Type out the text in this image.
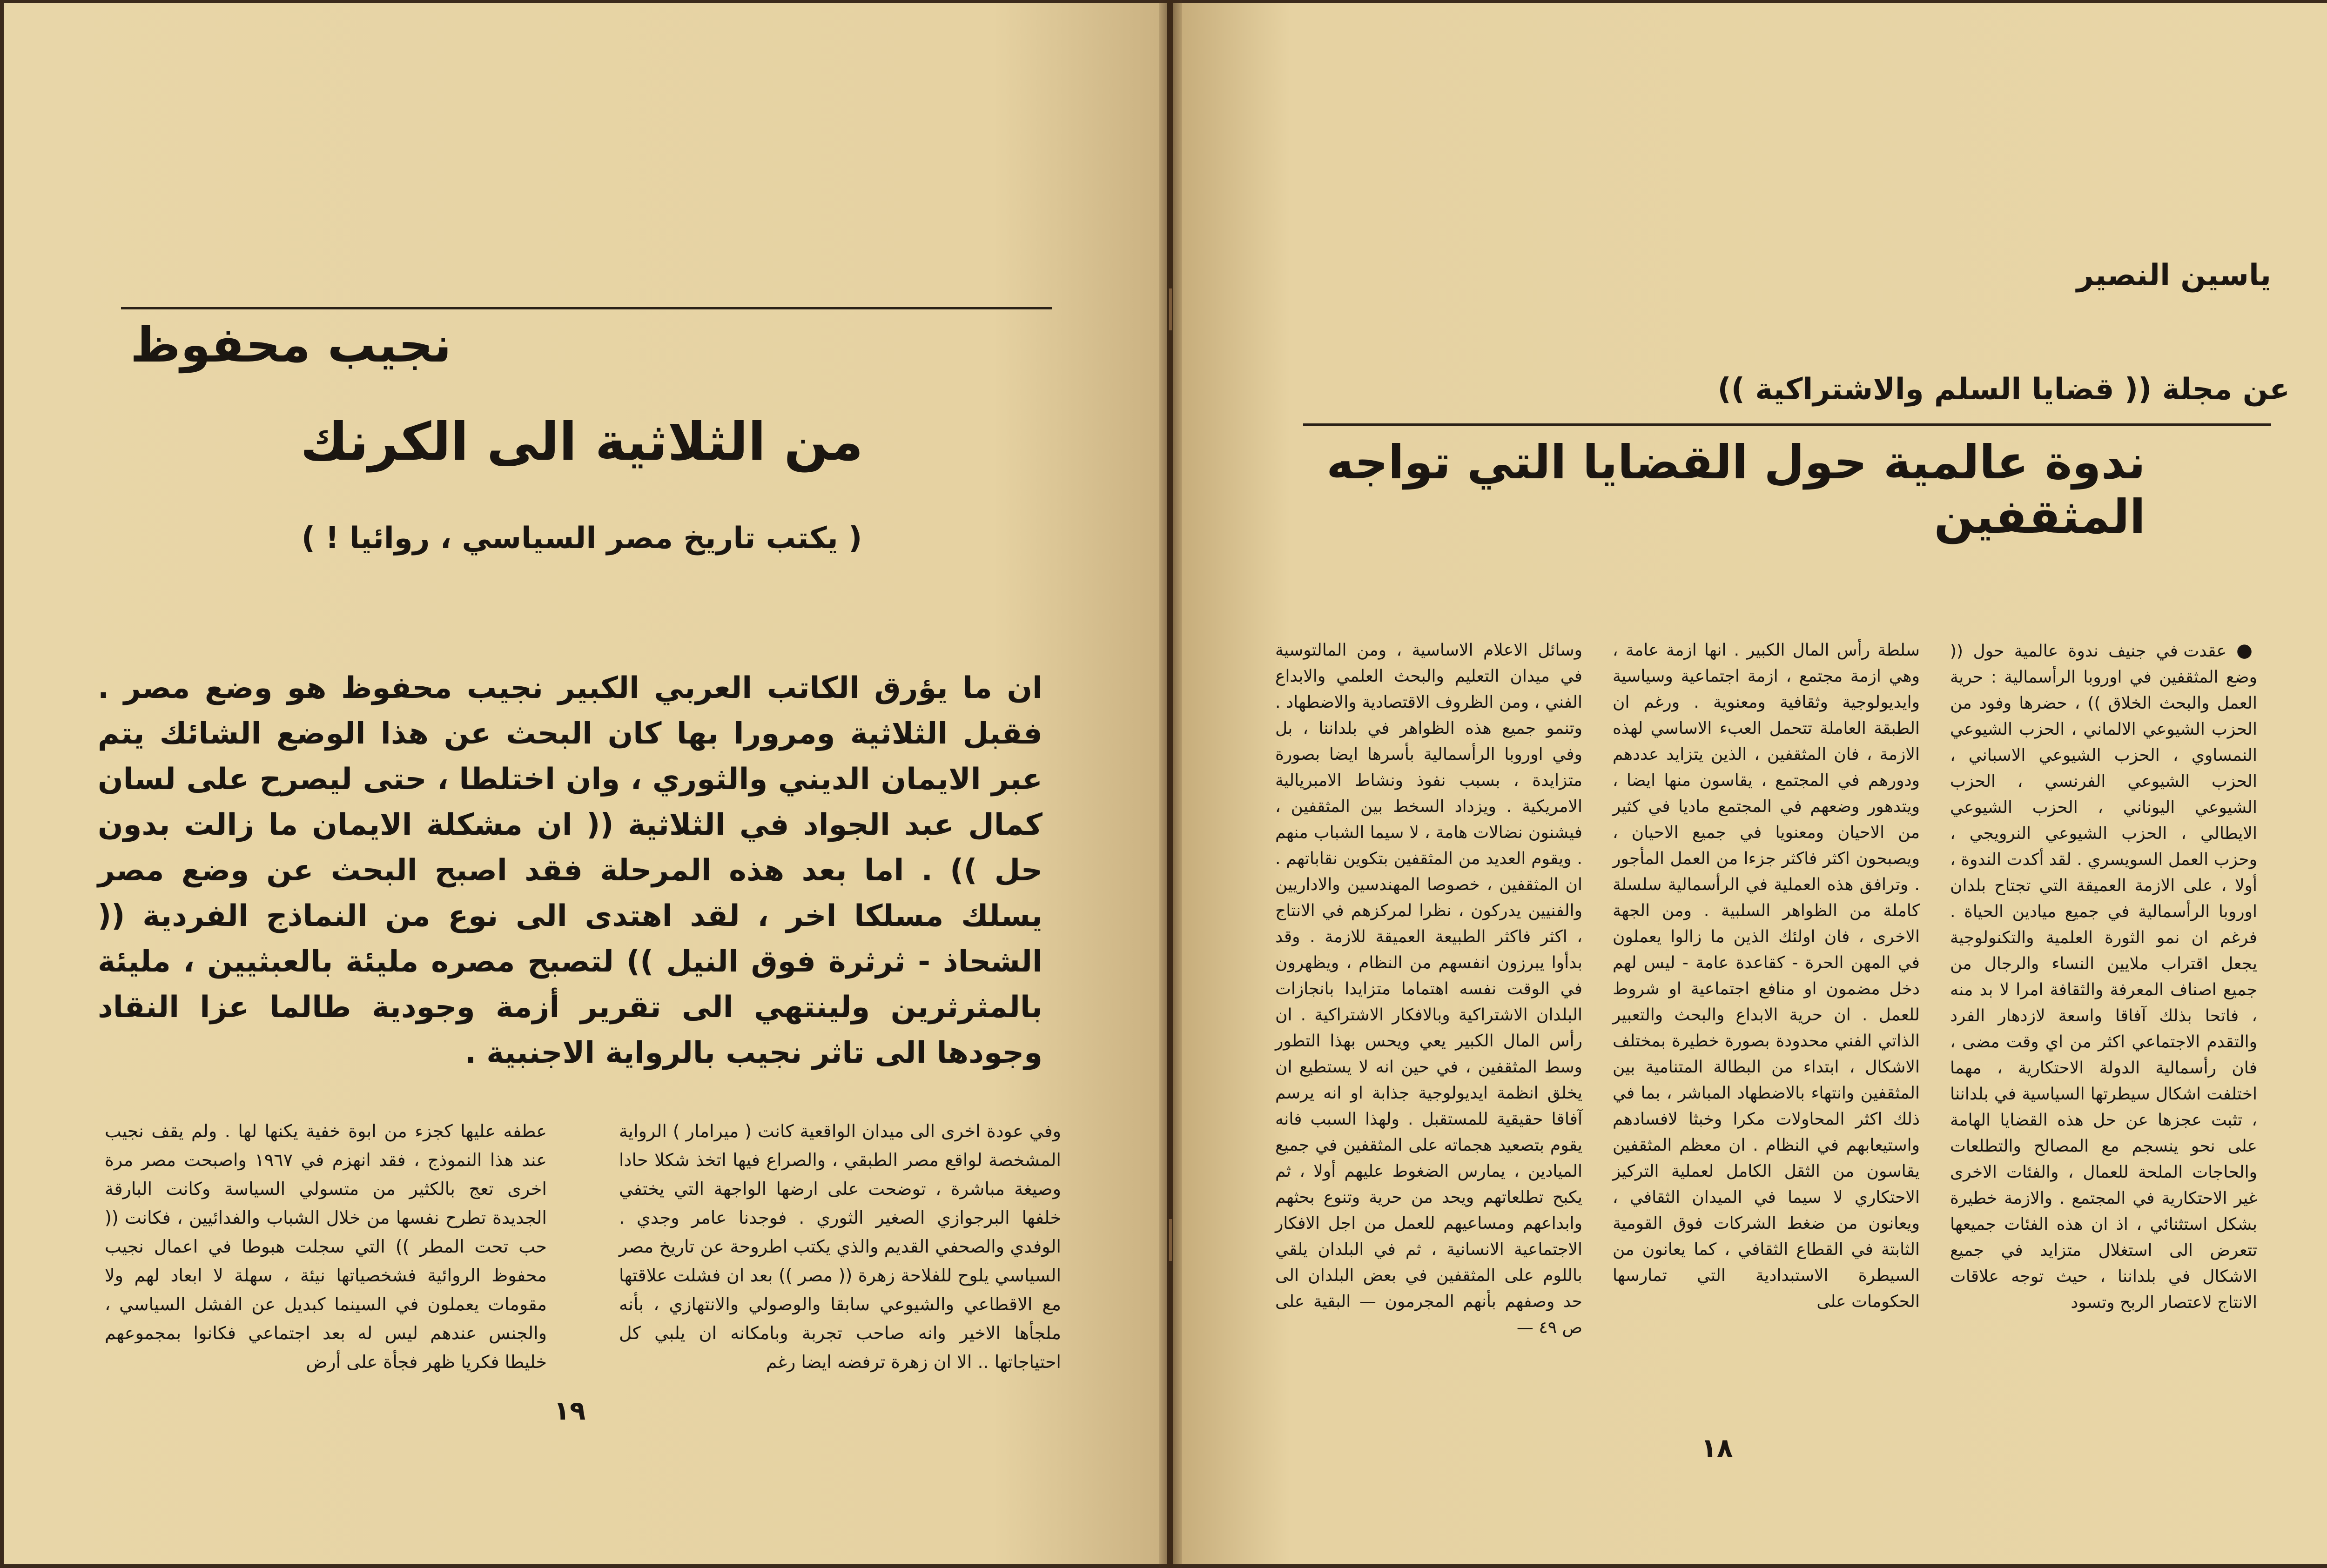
ياسين النصير
نجيب محفوظ
من الثلاثية الى الكرنك
( يكتب تاريخ مصر السياسي ، روائيا ! )
ان ما يؤرق الكاتب العربي الكبير نجيب محفوظ هو وضع مصر . فقبل الثلاثية ومرورا بها كان البحث عن هذا الوضع الشائك يتم عبر الايمان الديني والثوري ، وان اختلطا ، حتى ليصرح على لسان كمال عبد الجواد في الثلاثية (( ان مشكلة الايمان ما زالت بدون حل )) . اما بعد هذه المرحلة فقد اصبح البحث عن وضع مصر يسلك مسلكا اخر ، لقد اهتدى الى نوع من النماذج الفردية (( الشحاذ - ثرثرة فوق النيل )) لتصبح مصره مليئة بالعبثيين ، مليئة بالمثرثرين ولينتهي الى تقرير أزمة وجودية طالما عزا النقاد وجودها الى تاثر نجيب بالرواية الاجنبية .
وفي عودة اخرى الى ميدان الواقعية كانت ( ميرامار ) الرواية المشخصة لواقع مصر الطبقي ، والصراع فيها اتخذ شكلا حادا وصيغة مباشرة ، توضحت على ارضها الواجهة التي يختفي خلفها البرجوازي الصغير الثوري . فوجدنا عامر وجدي . الوفدي والصحفي القديم والذي يكتب اطروحة عن تاريخ مصر السياسي يلوح للفلاحة زهرة (( مصر )) بعد ان فشلت علاقتها مع الاقطاعي والشيوعي سابقا والوصولي والانتهازي ، بأنه ملجأها الاخير وانه صاحب تجربة وبامكانه ان يلبي كل احتياجاتها .. الا ان زهرة ترفضه ايضا رغم
عطفه عليها كجزء من ابوة خفية يكنها لها . ولم يقف نجيب عند هذا النموذج ، فقد انهزم في ١٩٦٧ واصبحت مصر مرة اخرى تعج بالكثير من متسولي السياسة وكانت البارقة الجديدة تطرح نفسها من خلال الشباب والفدائيين ، فكانت (( حب تحت المطر )) التي سجلت هبوطا في اعمال نجيب محفوظ الروائية فشخصياتها نيئة ، سهلة لا ابعاد لهم ولا مقومات يعملون في السينما كبديل عن الفشل السياسي ، والجنس عندهم ليس له بعد اجتماعي فكانوا بمجموعهم خليطا فكريا ظهر فجأة على أرض
١٩
عن مجلة (( قضايا السلم والاشتراكية ))
ندوة عالمية حول القضايا التي تواجه المثقفين
● عقدت في جنيف ندوة عالمية حول (( وضع المثقفين في اوروبا الرأسمالية : حرية العمل والبحث الخلاق )) ، حضرها وفود من الحزب الشيوعي الالماني ، الحزب الشيوعي النمساوي ، الحزب الشيوعي الاسباني ، الحزب الشيوعي الفرنسي ، الحزب الشيوعي اليوناني ، الحزب الشيوعي الايطالي ، الحزب الشيوعي النرويجي ، وحزب العمل السويسري . لقد أكدت الندوة ، أولا ، على الازمة العميقة التي تجتاح بلدان اوروبا الرأسمالية في جميع ميادين الحياة . فرغم ان نمو الثورة العلمية والتكنولوجية يجعل اقتراب ملايين النساء والرجال من جميع اصناف المعرفة والثقافة امرا لا بد منه ، فاتحا بذلك آفاقا واسعة لازدهار الفرد والتقدم الاجتماعي اكثر من اي وقت مضى ، فان رأسمالية الدولة الاحتكارية ، مهما اختلفت اشكال سيطرتها السياسية في بلداننا ، تثبت عجزها عن حل هذه القضايا الهامة على نحو ينسجم مع المصالح والتطلعات والحاجات الملحة للعمال ، والفئات الاخرى غير الاحتكارية في المجتمع . والازمة خطيرة بشكل استثنائي ، اذ ان هذه الفئات جميعها تتعرض الى استغلال متزايد في جميع الاشكال في بلداننا ، حيث توجه علاقات الانتاج لاعتصار الربح وتسود
سلطة رأس المال الكبير . انها ازمة عامة ، وهي ازمة مجتمع ، ازمة اجتماعية وسياسية وايديولوجية وثقافية ومعنوية . ورغم ان الطبقة العاملة تتحمل العبء الاساسي لهذه الازمة ، فان المثقفين ، الذين يتزايد عددهم ودورهم في المجتمع ، يقاسون منها ايضا ، ويتدهور وضعهم في المجتمع ماديا في كثير من الاحيان ومعنويا في جميع الاحيان ، ويصبحون اكثر فاكثر جزءا من العمل المأجور . وترافق هذه العملية في الرأسمالية سلسلة كاملة من الظواهر السلبية . ومن الجهة الاخرى ، فان اولئك الذين ما زالوا يعملون في المهن الحرة - كقاعدة عامة - ليس لهم دخل مضمون او منافع اجتماعية او شروط للعمل . ان حرية الابداع والبحث والتعبير الذاتي الفني محدودة بصورة خطيرة بمختلف الاشكال ، ابتداء من البطالة المتنامية بين المثقفين وانتهاء بالاضطهاد المباشر ، بما في ذلك اكثر المحاولات مكرا وخبثا لافسادهم واستيعابهم في النظام . ان معظم المثقفين يقاسون من الثقل الكامل لعملية التركيز الاحتكاري لا سيما في الميدان الثقافي ، ويعانون من ضغط الشركات فوق القومية الثابتة في القطاع الثقافي ، كما يعانون من السيطرة الاستبدادية التي تمارسها الحكومات على
وسائل الاعلام الاساسية ، ومن المالتوسية في ميدان التعليم والبحث العلمي والابداع الفني ، ومن الظروف الاقتصادية والاضطهاد . وتنمو جميع هذه الظواهر في بلداننا ، بل وفي اوروبا الرأسمالية بأسرها ايضا بصورة متزايدة ، بسبب نفوذ ونشاط الامبريالية الامريكية . ويزداد السخط بين المثقفين ، فيشنون نضالات هامة ، لا سيما الشباب منهم . ويقوم العديد من المثقفين بتكوين نقاباتهم . ان المثقفين ، خصوصا المهندسين والاداريين والفنيين يدركون ، نظرا لمركزهم في الانتاج ، اكثر فاكثر الطبيعة العميقة للازمة . وقد بدأوا يبرزون انفسهم من النظام ، ويظهرون في الوقت نفسه اهتماما متزايدا بانجازات البلدان الاشتراكية وبالافكار الاشتراكية . ان رأس المال الكبير يعي ويحس بهذا التطور وسط المثقفين ، في حين انه لا يستطيع ان يخلق انظمة ايديولوجية جذابة او انه يرسم آفاقا حقيقية للمستقبل . ولهذا السبب فانه يقوم بتصعيد هجماته على المثقفين في جميع الميادين ، يمارس الضغوط عليهم أولا ، ثم يكبح تطلعاتهم ويحد من حرية وتنوع بحثهم وابداعهم ومساعيهم للعمل من اجل الافكار الاجتماعية الانسانية ، ثم في البلدان يلقي باللوم على المثقفين في بعض البلدان الى حد وصفهم بأنهم المجرمون — البقية على ص ٤٩ —
١٨
